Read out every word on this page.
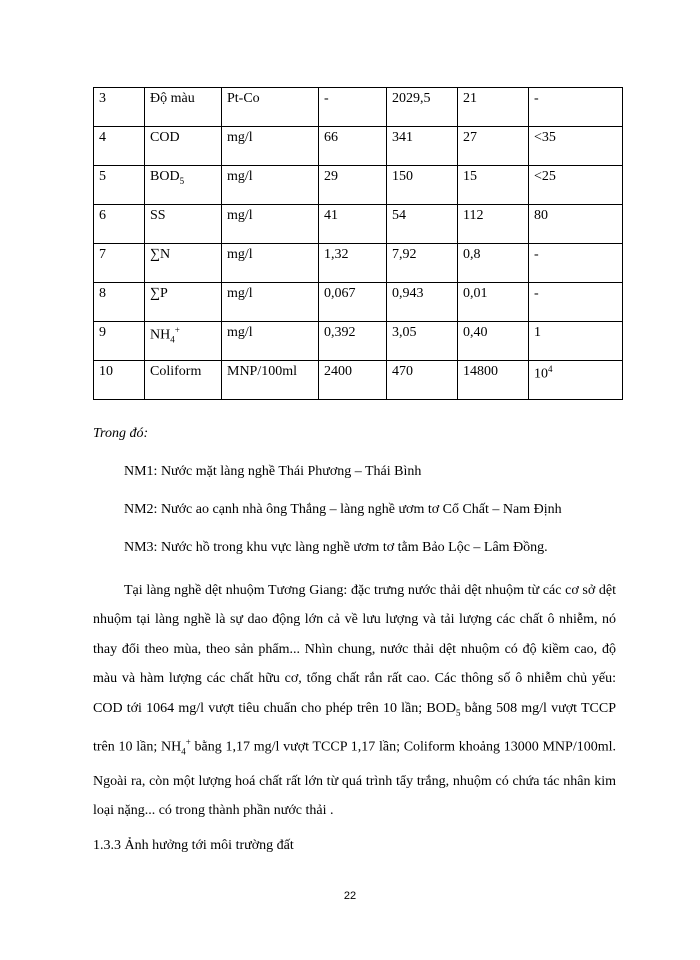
3	Độ màu	Pt-Co	-	2029,5	21	-
4	COD	mg/l	66	341	27	<35
5	$BOD_5$	mg/l	29	150	15	<25
6	SS	mg/l	41	54	112	80
7	∑N	mg/l	1,32	7,92	0,8	-
8	∑P	mg/l	0,067	0,943	0,01	-
9	$NH_4^+$	mg/l	0,392	3,05	0,40	1
10	Coliform	MNP/100ml	2400	470	14800	$10^4$
Trong đó:
NM1: Nước mặt làng nghề Thái Phương – Thái Bình
NM2: Nước ao cạnh nhà ông Thắng – làng nghề ươm tơ Cổ Chất – Nam Định
NM3: Nước hồ trong khu vực làng nghề ươm tơ tằm Bảo Lộc – Lâm Đồng.
Tại làng nghề dệt nhuộm Tương Giang: đặc trưng nước thải dệt nhuộm từ các cơ sở dệt nhuộm tại làng nghề là sự dao động lớn cả về lưu lượng và tải lượng các chất ô nhiễm, nó thay đổi theo mùa, theo sản phẩm... Nhìn chung, nước thải dệt nhuộm có độ kiềm cao, độ màu và hàm lượng các chất hữu cơ, tổng chất rắn rất cao. Các thông số ô nhiễm chủ yếu: COD tới 1064 mg/l vượt tiêu chuẩn cho phép trên 10 lần; $BOD_5$ bằng 508 mg/l vượt TCCP trên 10 lần; $NH_4^+$ bằng 1,17 mg/l vượt TCCP 1,17 lần; Coliform khoảng 13000 MNP/100ml. Ngoài ra, còn một lượng hoá chất rất lớn từ quá trình tẩy trắng, nhuộm có chứa tác nhân kim loại nặng... có trong thành phần nước thải .
1.3.3 Ảnh hưởng tới môi trường đất
22
